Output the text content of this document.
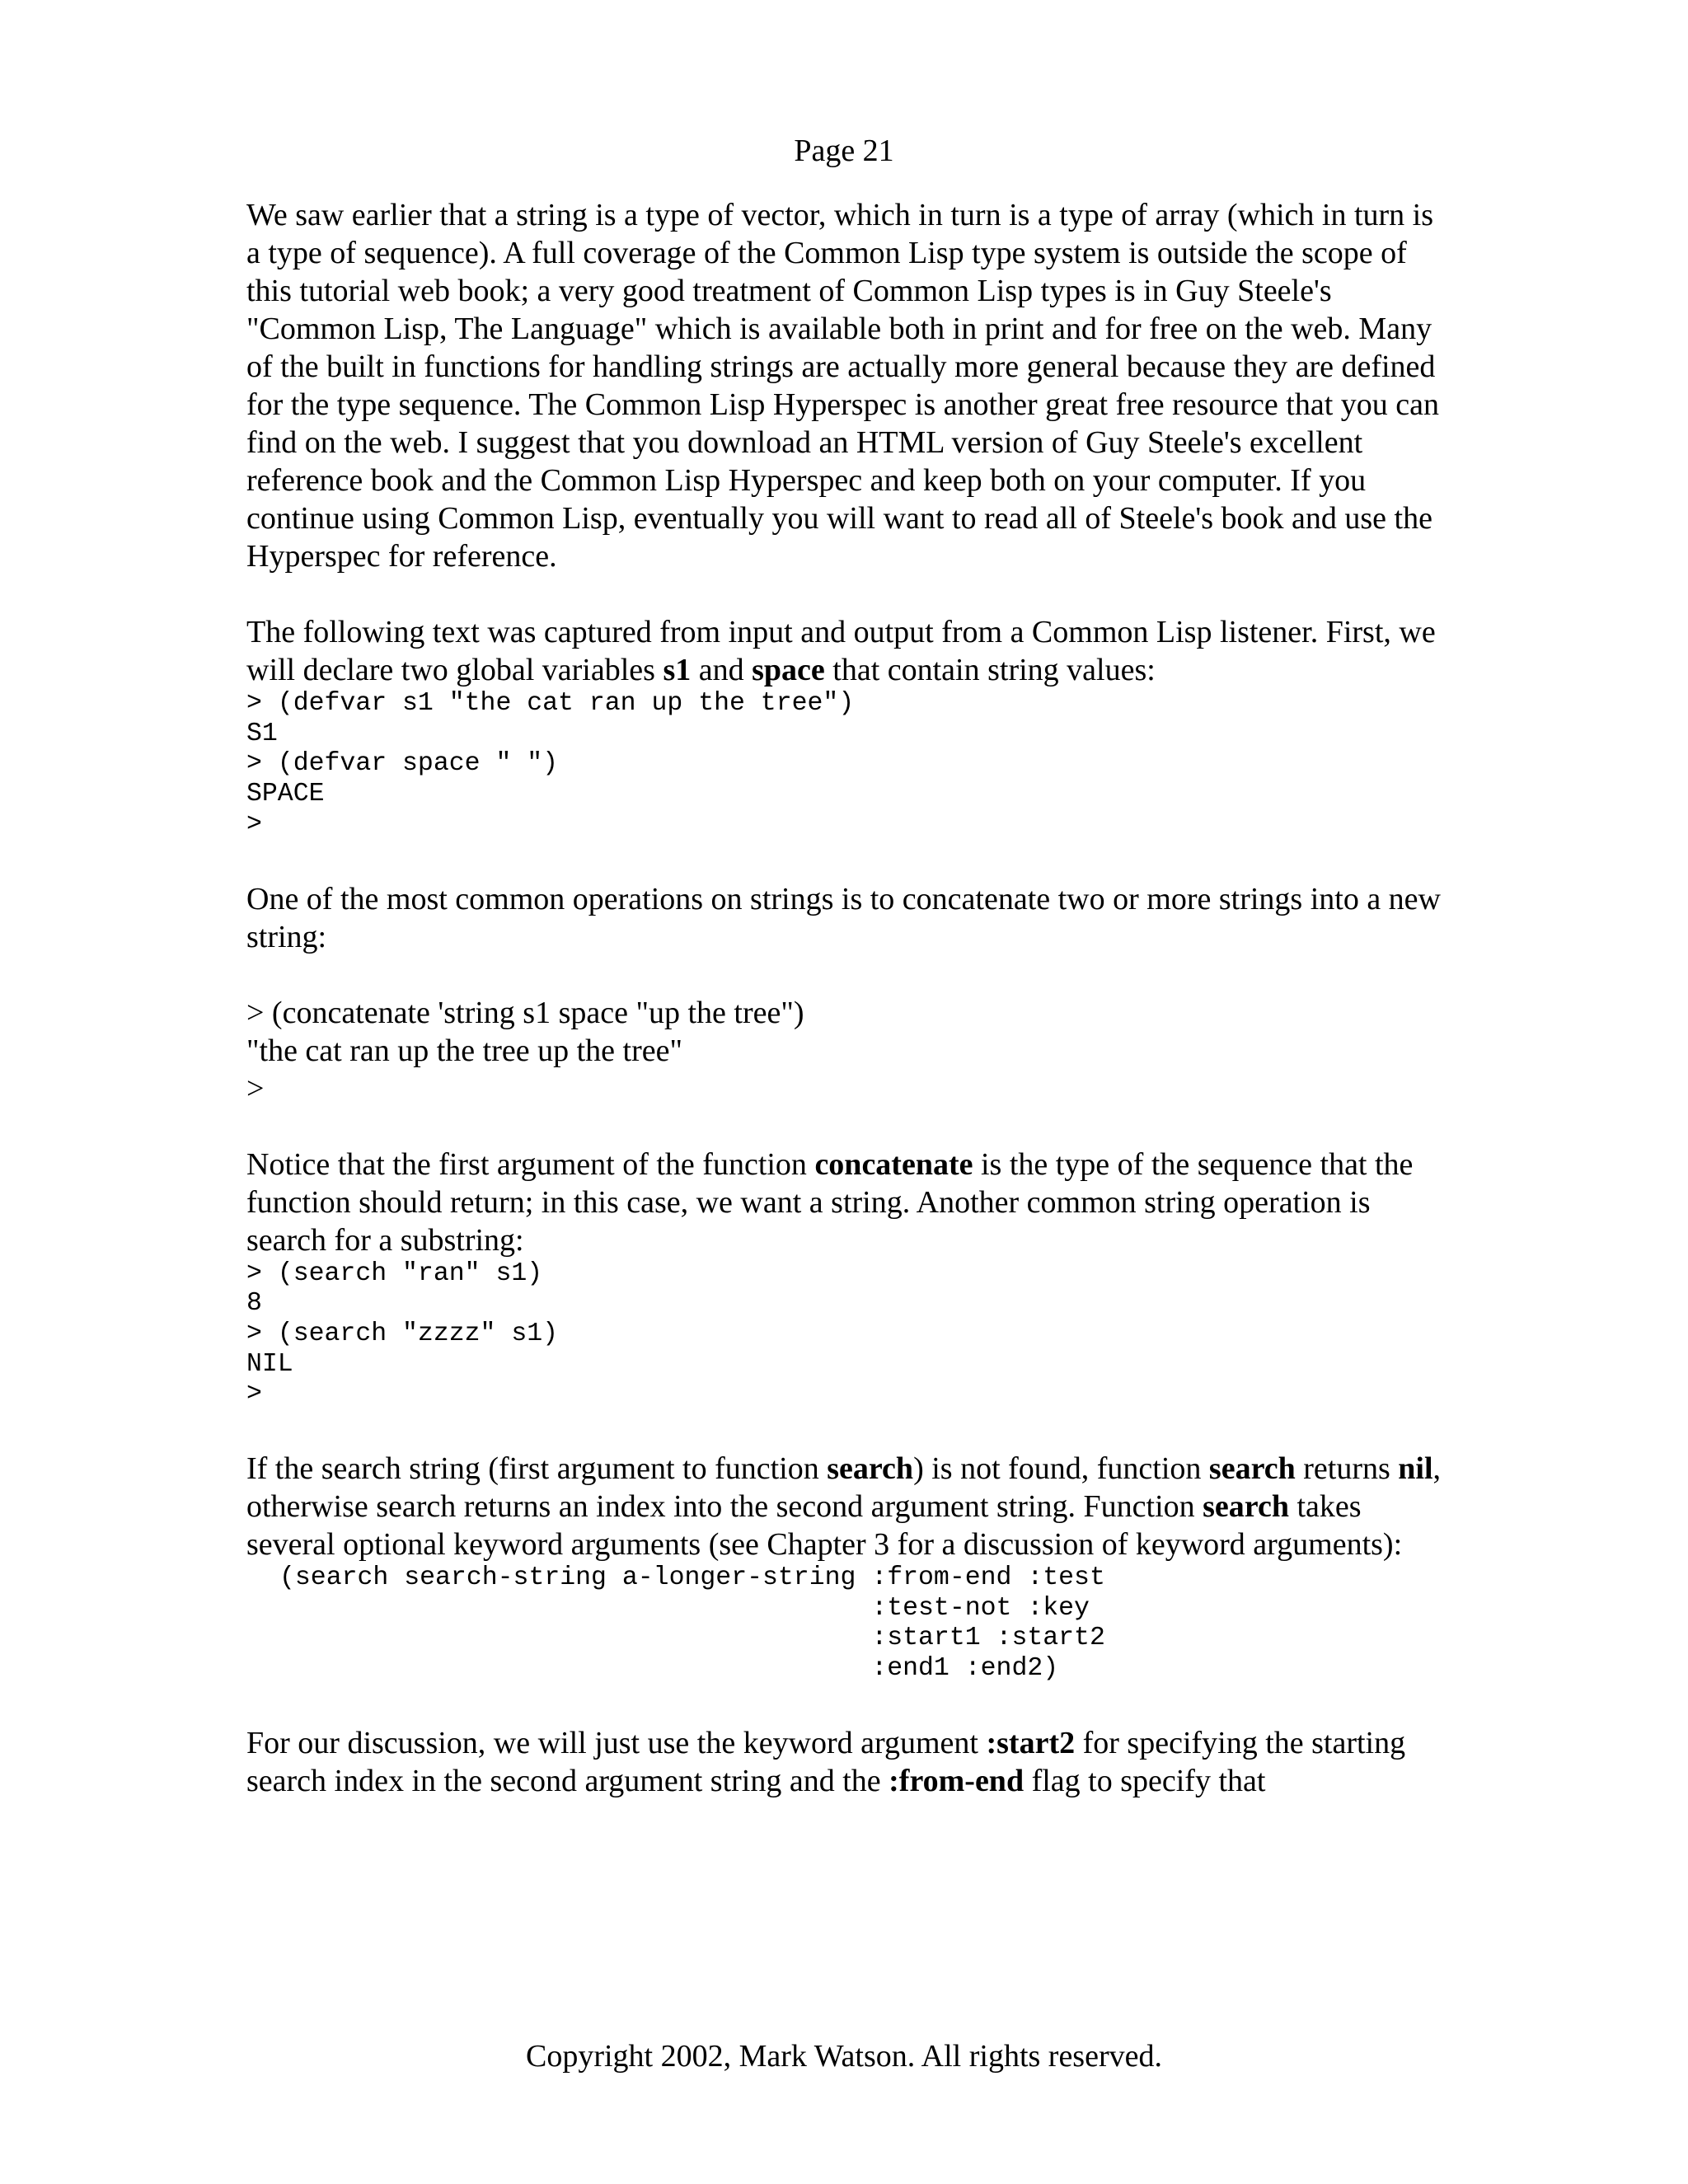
Page 21

We saw earlier that a string is a type of vector, which in turn is a type of array (which in turn is a type of sequence). A full coverage of the Common Lisp type system is outside the scope of this tutorial web book; a very good treatment of Common Lisp types is in Guy Steele's "Common Lisp, The Language" which is available both in print and for free on the web. Many of the built in functions for handling strings are actually more general because they are defined for the type sequence. The Common Lisp Hyperspec is another great free resource that you can find on the web. I suggest that you download an HTML version of Guy Steele's excellent reference book and the Common Lisp Hyperspec and keep both on your computer. If you continue using Common Lisp, eventually you will want to read all of Steele's book and use the Hyperspec for reference.

The following text was captured from input and output from a Common Lisp listener. First, we will declare two global variables s1 and space that contain string values:

> (defvar s1 "the cat ran up the tree")
S1
> (defvar space " ")
SPACE
>

One of the most common operations on strings is to concatenate two or more strings into a new string:

> (concatenate 'string s1 space "up the tree")

"the cat ran up the tree up the tree"

>

Notice that the first argument of the function concatenate is the type of the sequence that the function should return; in this case, we want a string. Another common string operation is search for a substring:

> (search "ran" s1)
8
> (search "zzzz" s1)
NIL
>

If the search string (first argument to function search) is not found, function search returns nil, otherwise search returns an index into the second argument string. Function search takes several optional keyword arguments (see Chapter 3 for a discussion of keyword arguments):

(search search-string a-longer-string :from-end :test
:test-not :key
:start1 :start2
:end1 :end2)

For our discussion, we will just use the keyword argument :start2 for specifying the starting search index in the second argument string and the :from-end flag to specify that

Copyright 2002, Mark Watson. All rights reserved.
